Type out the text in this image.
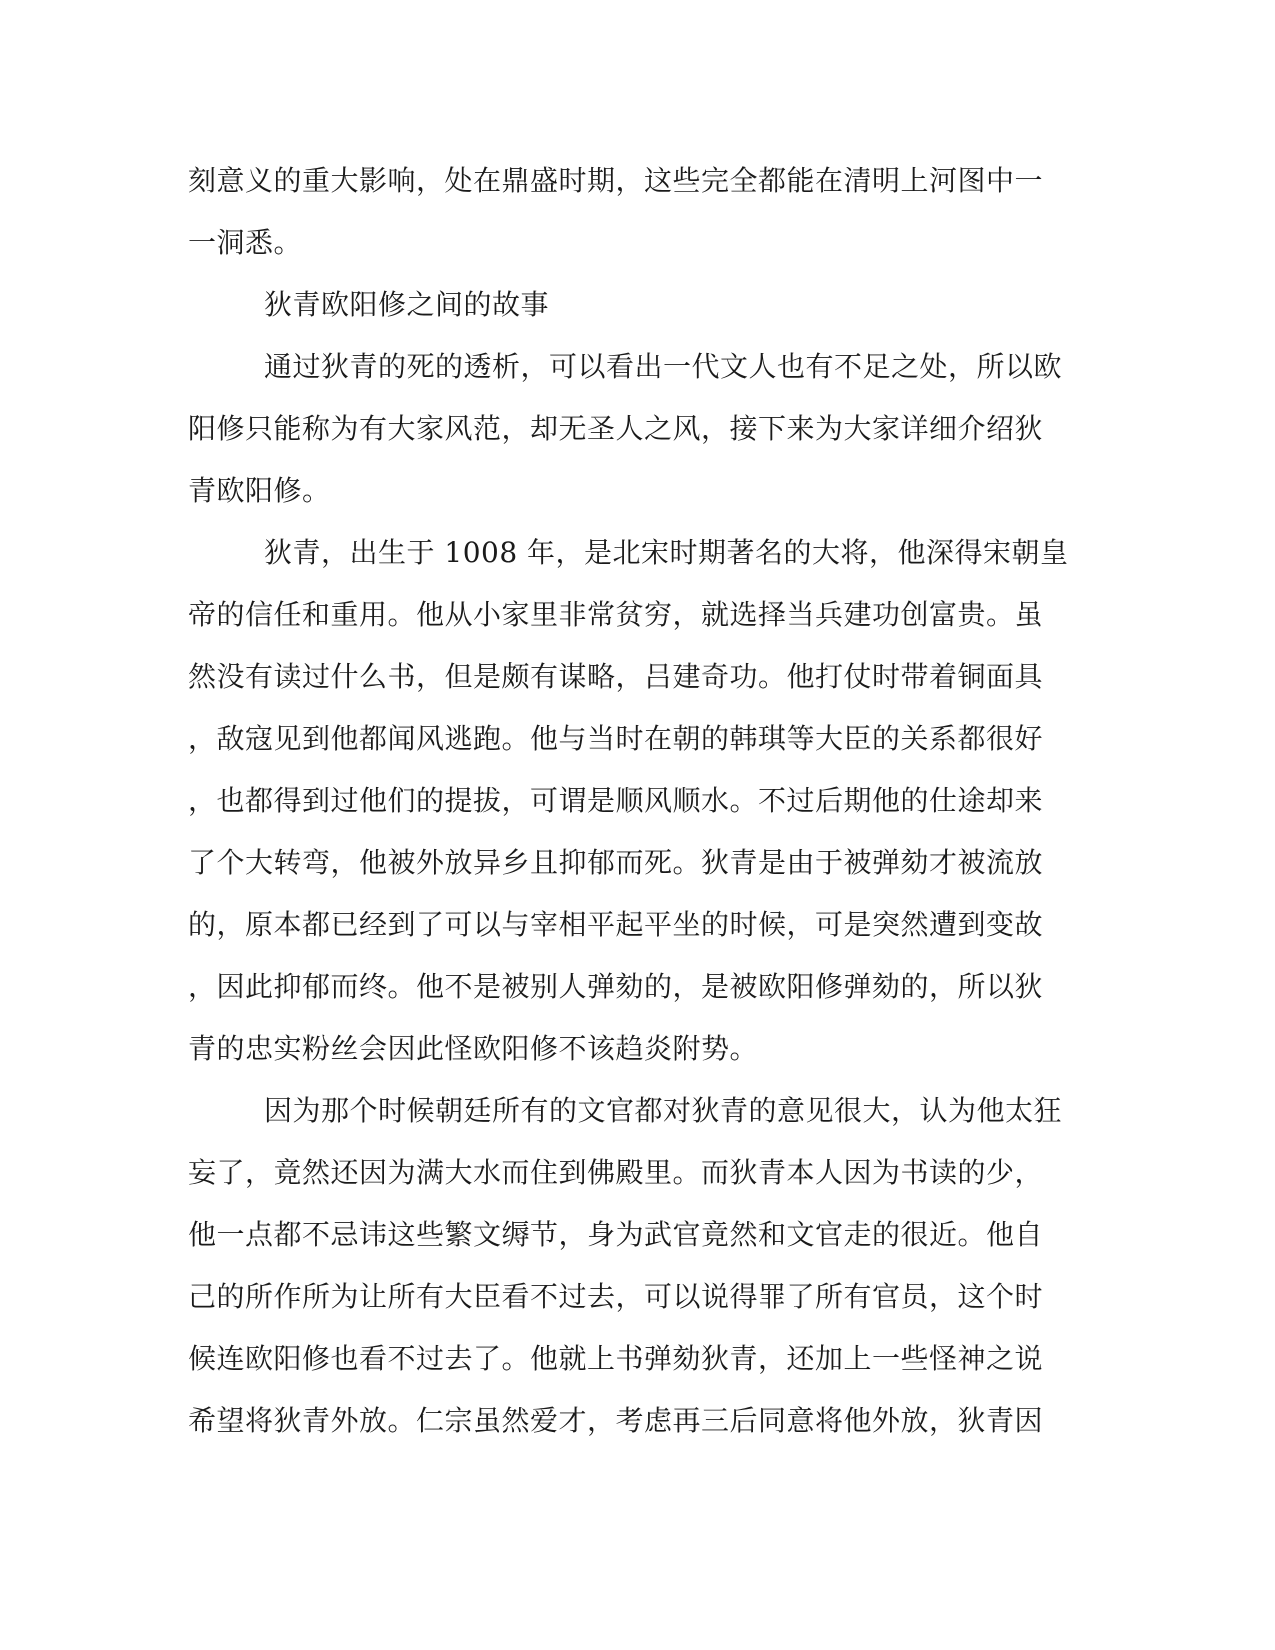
刻意义的重大影响，处在鼎盛时期，这些完全都能在清明上河图中一
一洞悉。
狄青欧阳修之间的故事
通过狄青的死的透析，可以看出一代文人也有不足之处，所以欧
阳修只能称为有大家风范，却无圣人之风，接下来为大家详细介绍狄
青欧阳修。
狄青，出生于 1008 年，是北宋时期著名的大将，他深得宋朝皇
帝的信任和重用。他从小家里非常贫穷，就选择当兵建功创富贵。虽
然没有读过什么书，但是颇有谋略，吕建奇功。他打仗时带着铜面具
，敌寇见到他都闻风逃跑。他与当时在朝的韩琪等大臣的关系都很好
，也都得到过他们的提拔，可谓是顺风顺水。不过后期他的仕途却来
了个大转弯，他被外放异乡且抑郁而死。狄青是由于被弹劾才被流放
的，原本都已经到了可以与宰相平起平坐的时候，可是突然遭到变故
，因此抑郁而终。他不是被别人弹劾的，是被欧阳修弹劾的，所以狄
青的忠实粉丝会因此怪欧阳修不该趋炎附势。
因为那个时候朝廷所有的文官都对狄青的意见很大，认为他太狂
妄了，竟然还因为满大水而住到佛殿里。而狄青本人因为书读的少，
他一点都不忌讳这些繁文缛节，身为武官竟然和文官走的很近。他自
己的所作所为让所有大臣看不过去，可以说得罪了所有官员，这个时
候连欧阳修也看不过去了。他就上书弹劾狄青，还加上一些怪神之说
希望将狄青外放。仁宗虽然爱才，考虑再三后同意将他外放，狄青因
